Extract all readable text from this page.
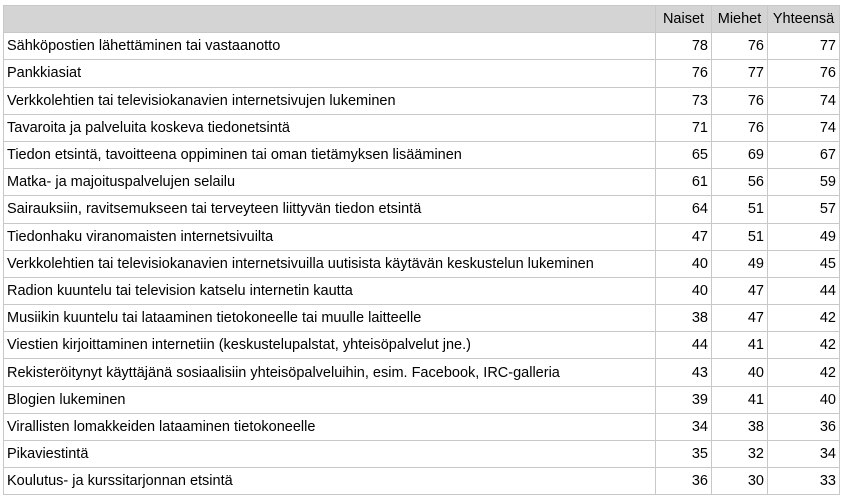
	Naiset	Miehet	Yhteensä
Sähköpostien lähettäminen tai vastaanotto	78	76	77
Pankkiasiat	76	77	76
Verkkolehtien tai televisiokanavien internetsivujen lukeminen	73	76	74
Tavaroita ja palveluita koskeva tiedonetsintä	71	76	74
Tiedon etsintä, tavoitteena oppiminen tai oman tietämyksen lisääminen	65	69	67
Matka- ja majoituspalvelujen selailu	61	56	59
Sairauksiin, ravitsemukseen tai terveyteen liittyvän tiedon etsintä	64	51	57
Tiedonhaku viranomaisten internetsivuilta	47	51	49
Verkkolehtien tai televisiokanavien internetsivuilla uutisista käytävän keskustelun lukeminen	40	49	45
Radion kuuntelu tai television katselu internetin kautta	40	47	44
Musiikin kuuntelu tai lataaminen tietokoneelle tai muulle laitteelle	38	47	42
Viestien kirjoittaminen internetiin (keskustelupalstat, yhteisöpalvelut jne.)	44	41	42
Rekisteröitynyt käyttäjänä sosiaalisiin yhteisöpalveluihin, esim. Facebook, IRC-galleria	43	40	42
Blogien lukeminen	39	41	40
Virallisten lomakkeiden lataaminen tietokoneelle	34	38	36
Pikaviestintä	35	32	34
Koulutus- ja kurssitarjonnan etsintä	36	30	33
